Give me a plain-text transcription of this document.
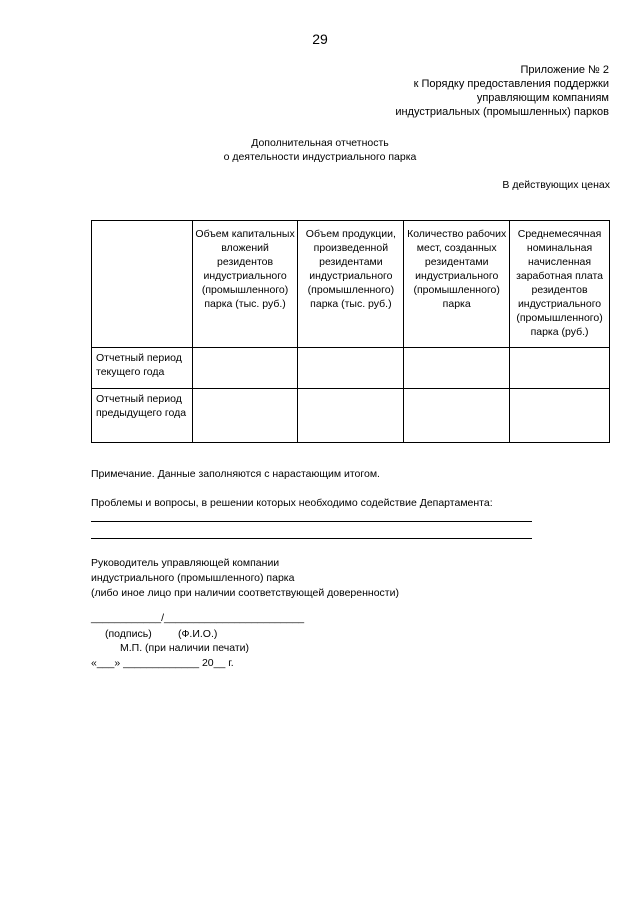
29
Приложение № 2
к Порядку предоставления поддержки
управляющим компаниям
индустриальных (промышленных) парков
Дополнительная отчетность
о деятельности индустриального парка
В действующих ценах
	Объем капитальных вложений резидентов индустриального (промышленного) парка (тыс. руб.)	Объем продукции, произведенной резидентами индустриального (промышленного) парка (тыс. руб.)	Количество рабочих мест, созданных резидентами индустриального (промышленного) парка	Среднемесячная номинальная начисленная заработная плата резидентов индустриального (промышленного) парка (руб.)
Отчетный период текущего года				
Отчетный период предыдущего года				
Примечание. Данные заполняются с нарастающим итогом.
Проблемы и вопросы, в решении которых необходимо содействие Департамента:
Руководитель управляющей компании
индустриального (промышленного) парка
(либо иное лицо при наличии соответствующей доверенности)
____________/________________________
(подпись)         (Ф.И.О.)
М.П. (при наличии печати)
«___» _____________ 20__ г.
